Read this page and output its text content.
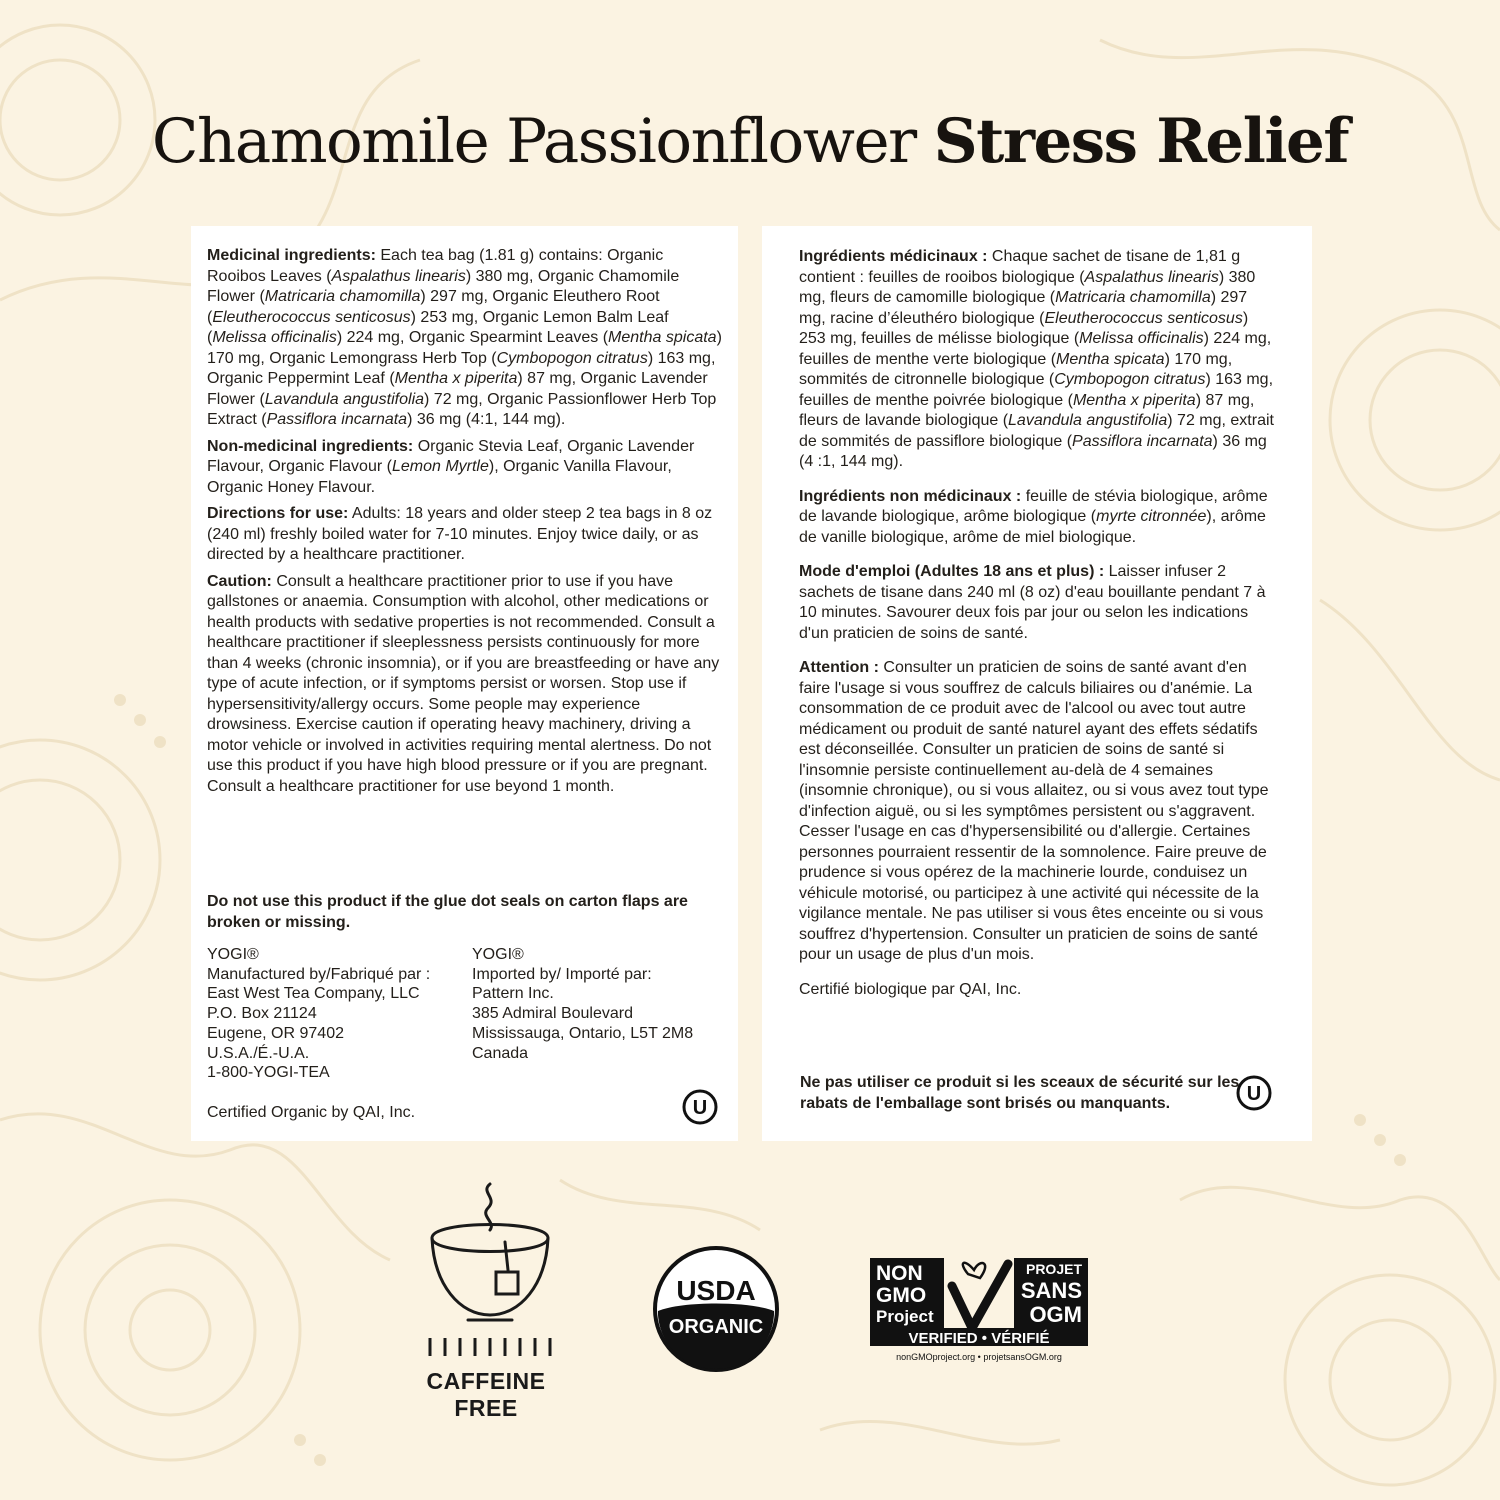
Chamomile Passionflower Stress Relief

Medicinal ingredients: Each tea bag (1.81 g) contains: Organic Rooibos Leaves (Aspalathus linearis) 380 mg, Organic Chamomile Flower (Matricaria chamomilla) 297 mg, Organic Eleuthero Root (Eleutherococcus senticosus) 253 mg, Organic Lemon Balm Leaf (Melissa officinalis) 224 mg, Organic Spearmint Leaves (Mentha spicata) 170 mg, Organic Lemongrass Herb Top (Cymbopogon citratus) 163 mg, Organic Peppermint Leaf (Mentha x piperita) 87 mg, Organic Lavender Flower (Lavandula angustifolia) 72 mg, Organic Passionflower Herb Top Extract (Passiflora incarnata) 36 mg (4:1, 144 mg).

Non-medicinal ingredients: Organic Stevia Leaf, Organic Lavender Flavour, Organic Flavour (Lemon Myrtle), Organic Vanilla Flavour, Organic Honey Flavour.

Directions for use: Adults: 18 years and older steep 2 tea bags in 8 oz (240 ml) freshly boiled water for 7-10 minutes. Enjoy twice daily, or as directed by a healthcare practitioner.

Caution: Consult a healthcare practitioner prior to use if you have gallstones or anaemia. Consumption with alcohol, other medications or health products with sedative properties is not recommended. Consult a healthcare practitioner if sleeplessness persists continuously for more than 4 weeks (chronic insomnia), or if you are breastfeeding or have any type of acute infection, or if symptoms persist or worsen. Stop use if hypersensitivity/allergy occurs. Some people may experience drowsiness. Exercise caution if operating heavy machinery, driving a motor vehicle or involved in activities requiring mental alertness. Do not use this product if you have high blood pressure or if you are pregnant. Consult a healthcare practitioner for use beyond 1 month.

Do not use this product if the glue dot seals on carton flaps are broken or missing.

YOGI®
Manufactured by/Fabriqué par :
East West Tea Company, LLC
P.O. Box 21124
Eugene, OR 97402
U.S.A./É.-U.A.
1-800-YOGI-TEA
YOGI®
Imported by/ Importé par:
Pattern Inc.
385 Admiral Boulevard
Mississauga, Ontario, L5T 2M8
Canada
Certified Organic by QAI, Inc.	U

Ingrédients médicinaux : Chaque sachet de tisane de 1,81 g contient : feuilles de rooibos biologique (Aspalathus linearis) 380 mg, fleurs de camomille biologique (Matricaria chamomilla) 297 mg, racine d’éleuthéro biologique (Eleutherococcus senticosus) 253 mg, feuilles de mélisse biologique (Melissa officinalis) 224 mg, feuilles de menthe verte biologique (Mentha spicata) 170 mg, sommités de citronnelle biologique (Cymbopogon citratus) 163 mg, feuilles de menthe poivrée biologique (Mentha x piperita) 87 mg, fleurs de lavande biologique (Lavandula angustifolia) 72 mg, extrait de sommités de passiflore biologique (Passiflora incarnata) 36 mg (4 :1, 144 mg).

Ingrédients non médicinaux : feuille de stévia biologique, arôme de lavande biologique, arôme biologique (myrte citronnée), arôme de vanille biologique, arôme de miel biologique.

Mode d'emploi (Adultes 18 ans et plus) : Laisser infuser 2 sachets de tisane dans 240 ml (8 oz) d'eau bouillante pendant 7 à 10 minutes. Savourer deux fois par jour ou selon les indications d'un praticien de soins de santé.

Attention : Consulter un praticien de soins de santé avant d'en faire l'usage si vous souffrez de calculs biliaires ou d'anémie. La consommation de ce produit avec de l'alcool ou avec tout autre médicament ou produit de santé naturel ayant des effets sédatifs est déconseillée. Consulter un praticien de soins de santé si l'insomnie persiste continuellement au-delà de 4 semaines (insomnie chronique), ou si vous allaitez, ou si vous avez tout type d'infection aiguë, ou si les symptômes persistent ou s'aggravent. Cesser l'usage en cas d'hypersensibilité ou d'allergie. Certaines personnes pourraient ressentir de la somnolence. Faire preuve de prudence si vous opérez de la machinerie lourde, conduisez un véhicule motorisé, ou participez à une activité qui nécessite de la vigilance mentale. Ne pas utiliser si vous êtes enceinte ou si vous souffrez d'hypertension. Consulter un praticien de soins de santé pour un usage de plus d'un mois.

Certifié biologique par QAI, Inc.

Ne pas utiliser ce produit si les sceaux de sécurité sur les rabats de l'emballage sont brisés ou manquants.	U
CAFFEINE
FREE
USDA
ORGANIC
NON
GMO
Project
PROJET
SANS
OGM
VERIFIED • VÉRIFIÉ
nonGMOproject.org • projetsansOGM.org
